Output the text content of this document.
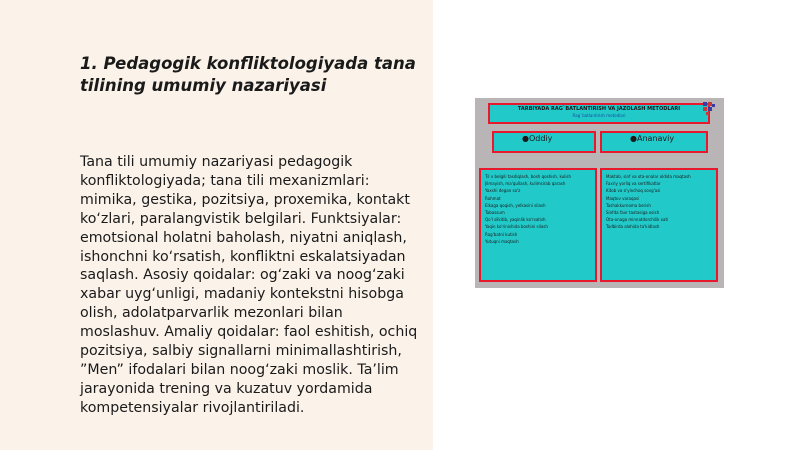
1. Pedagogik konfliktologiyada tana tilining umumiy nazariyasi

Tana tili umumiy nazariyasi pedagogik konfliktologiyada; tana tili mexanizmlari: mimika, gestika, pozitsiya, proxemika, kontakt ko‘zlari, paralangvistik belgilari. Funktsiyalar: emotsional holatni baholash, niyatni aniqlash, ishonchni ko‘rsatish, konfliktni eskalatsiyadan saqlash. Asosiy qoidalar: og‘zaki va noog‘zaki xabar uyg‘unligi, madaniy kontekstni hisobga olish, adolatparvarlik mezonlari bilan moslashuv. Amaliy qoidalar: faol eshitish, ochiq pozitsiya, salbiy signallarni minimallashtirish, ”Men” ifodalari bilan noog‘zaki moslik. Ta’lim jarayonida trening va kuzatuv yordamida kompetensiyalar rivojlantiriladi.

TARBIYADA RAG`BATLANTIRISH VA JAZOLASH METODLARI
Rag`batlantirish metodlari
●Oddiy	●Ananaviy
Til v belgili tasdiqlash, bosh qoshish, kulish
Jilmayish, ma'qullash, kulimsirab qarash
Yaxshi degan so'z
Rahmat
Elkaga qoqish, yelkasini silash
Tabassum
Qo'l silkitib, yaqinlik ko'rsatish
Yaqin ko'rinishida boshini silash
Rag'batni kutish
Yutuqni maqtash
Maktab, sinf va ota-onalar oldida maqtash
Faxriy yorliq va sertifikatlar
Kitob va o'yinchoq sovg'asi
Maqtov varaqasi
Tashakkurnoma berish
Sinfda faxr taxtasiga osish
Ota-onaga minnatdorchilik xati
Tadbirda alohida ta'kidlash
